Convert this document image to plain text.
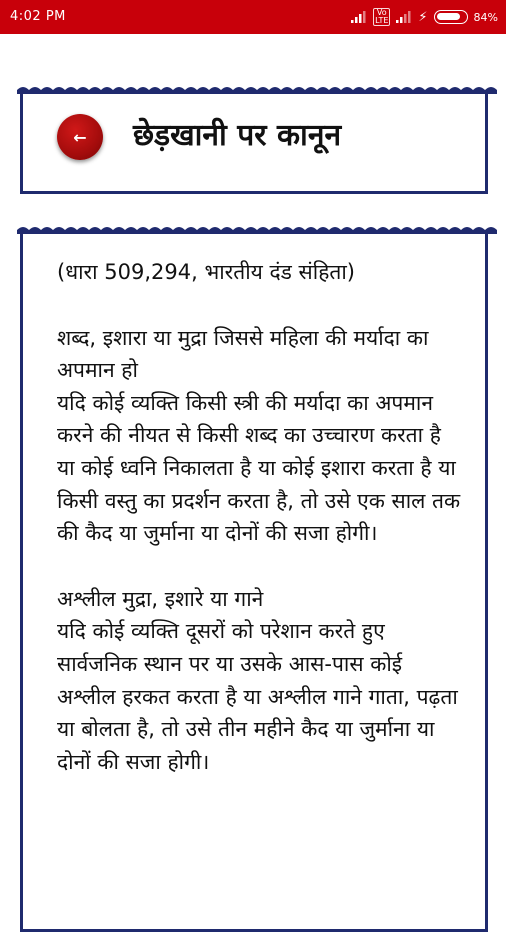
4:02 PM	Vo
LTE ⚡	84%
← छेड़खानी पर कानून

(धारा 509,294, भारतीय दंड संहिता)

शब्द, इशारा या मुद्रा जिससे महिला की मर्यादा का अपमान हो

यदि कोई व्यक्ति किसी स्त्री की मर्यादा का अपमान करने की नीयत से किसी शब्द का उच्चारण करता है या कोई ध्वनि निकालता है या कोई इशारा करता है या किसी वस्तु का प्रदर्शन करता है, तो उसे एक साल तक की कैद या जुर्माना या दोनों की सजा होगी।

अश्लील मुद्रा, इशारे या गाने

यदि कोई व्यक्ति दूसरों को परेशान करते हुए सार्वजनिक स्थान पर या उसके आस-पास कोई अश्लील हरकत करता है या अश्लील गाने गाता, पढ़ता या बोलता है, तो उसे तीन महीने कैद या जुर्माना या दोनों की सजा होगी।
